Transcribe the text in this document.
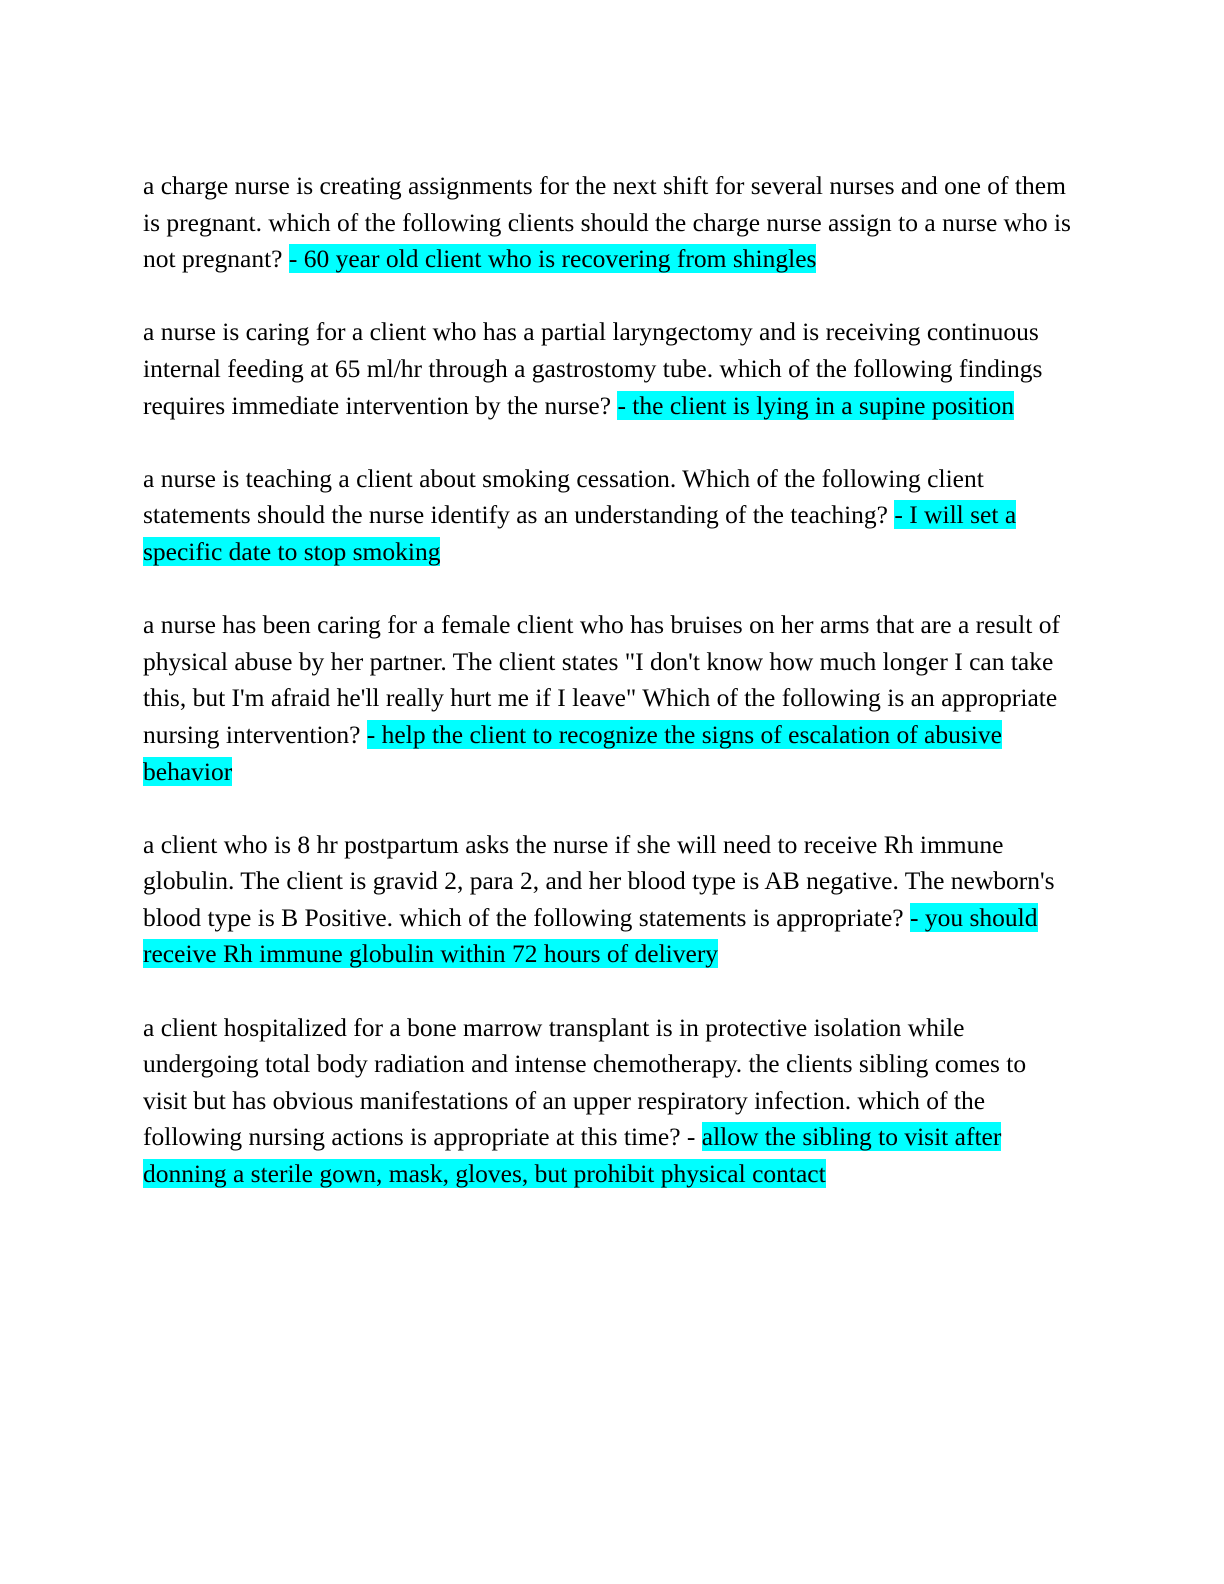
a charge nurse is creating assignments for the next shift for several nurses and one of them is pregnant. which of the following clients should the charge nurse assign to a nurse who is not pregnant? - 60 year old client who is recovering from shingles

a nurse is caring for a client who has a partial laryngectomy and is receiving continuous internal feeding at 65 ml/hr through a gastrostomy tube. which of the following findings requires immediate intervention by the nurse? - the client is lying in a supine position

a nurse is teaching a client about smoking cessation. Which of the following client statements should the nurse identify as an understanding of the teaching? - I will set a specific date to stop smoking

a nurse has been caring for a female client who has bruises on her arms that are a result of physical abuse by her partner. The client states "I don't know how much longer I can take this, but I'm afraid he'll really hurt me if I leave" Which of the following is an appropriate nursing intervention? - help the client to recognize the signs of escalation of abusive behavior

a client who is 8 hr postpartum asks the nurse if she will need to receive Rh immune globulin. The client is gravid 2, para 2, and her blood type is AB negative. The newborn's blood type is B Positive. which of the following statements is appropriate? - you should receive Rh immune globulin within 72 hours of delivery

a client hospitalized for a bone marrow transplant is in protective isolation while undergoing total body radiation and intense chemotherapy. the clients sibling comes to visit but has obvious manifestations of an upper respiratory infection. which of the following nursing actions is appropriate at this time? - allow the sibling to visit after donning a sterile gown, mask, gloves, but prohibit physical contact
